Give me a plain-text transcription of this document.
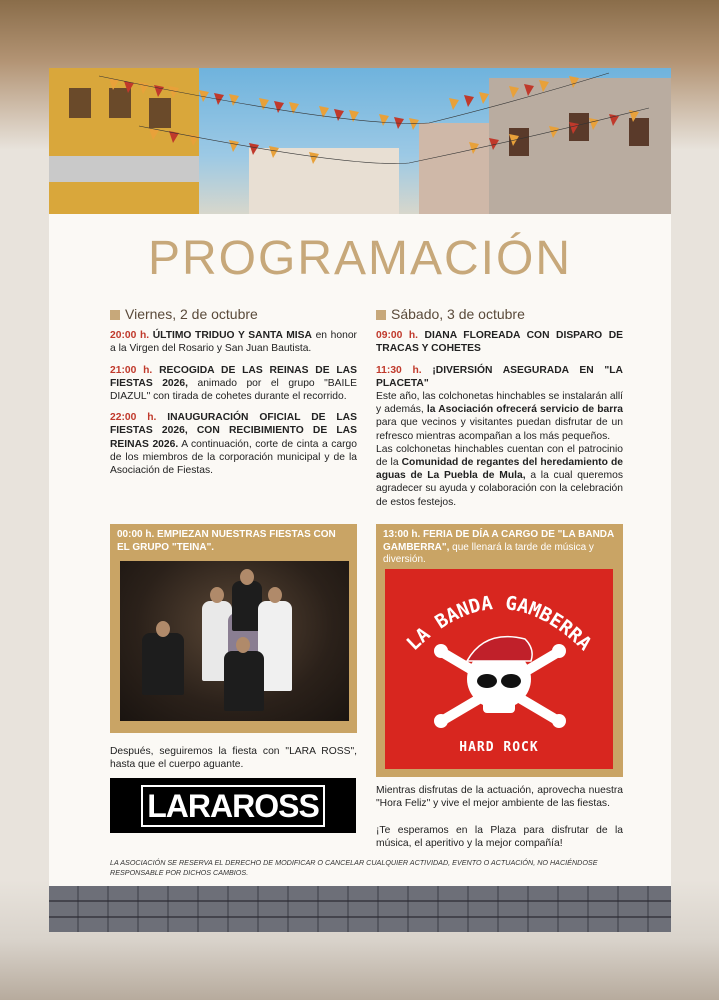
PROGRAMACIÓN
Viernes, 2 de octubre
20:00 h. ÚLTIMO TRIDUO Y SANTA MISA en honor a la Virgen del Rosario y San Juan Bautista.
21:00 h. RECOGIDA DE LAS REINAS DE LAS FIESTAS 2026, animado por el grupo "BAILE DIAZUL" con tirada de cohetes durante el recorrido.
22:00 h. INAUGURACIÓN OFICIAL DE LAS FIESTAS 2026, CON RECIBIMIENTO DE LAS REINAS 2026. A continuación, corte de cinta a cargo de los miembros de la corporación municipal y de la Asociación de Fiestas.
00:00 h. EMPIEZAN NUESTRAS FIESTAS CON EL GRUPO "TEINA".
Después, seguiremos la fiesta con "LARA ROSS", hasta que el cuerpo aguante.
LARAROSS
Sábado, 3 de octubre
09:00 h. DIANA FLOREADA CON DISPARO DE TRACAS Y COHETES
11:30 h. ¡DIVERSIÓN ASEGURADA EN "LA PLACETA"
Este año, las colchonetas hinchables se instalarán allí y además, la Asociación ofrecerá servicio de barra para que vecinos y visitantes puedan disfrutar de un refresco mientras acompañan a los más pequeños.
Las colchonetas hinchables cuentan con el patrocinio de la Comunidad de regantes del heredamiento de aguas de La Puebla de Mula, a la cual queremos agradecer su ayuda y colaboración con la celebración de estos festejos.
13:00 h. FERIA DE DÍA A CARGO DE "LA BANDA GAMBERRA", que llenará la tarde de música y diversión.
LA BANDA GAMBERRA
HARD ROCK
Mientras disfrutas de la actuación, aprovecha nuestra "Hora Feliz" y vive el mejor ambiente de las fiestas.
¡Te esperamos en la Plaza para disfrutar de la música, el aperitivo y la mejor compañía!
LA ASOCIACIÓN SE RESERVA EL DERECHO DE MODIFICAR O CANCELAR CUALQUIER ACTIVIDAD, EVENTO O ACTUACIÓN, NO HACIÉNDOSE RESPONSABLE POR DICHOS CAMBIOS.
